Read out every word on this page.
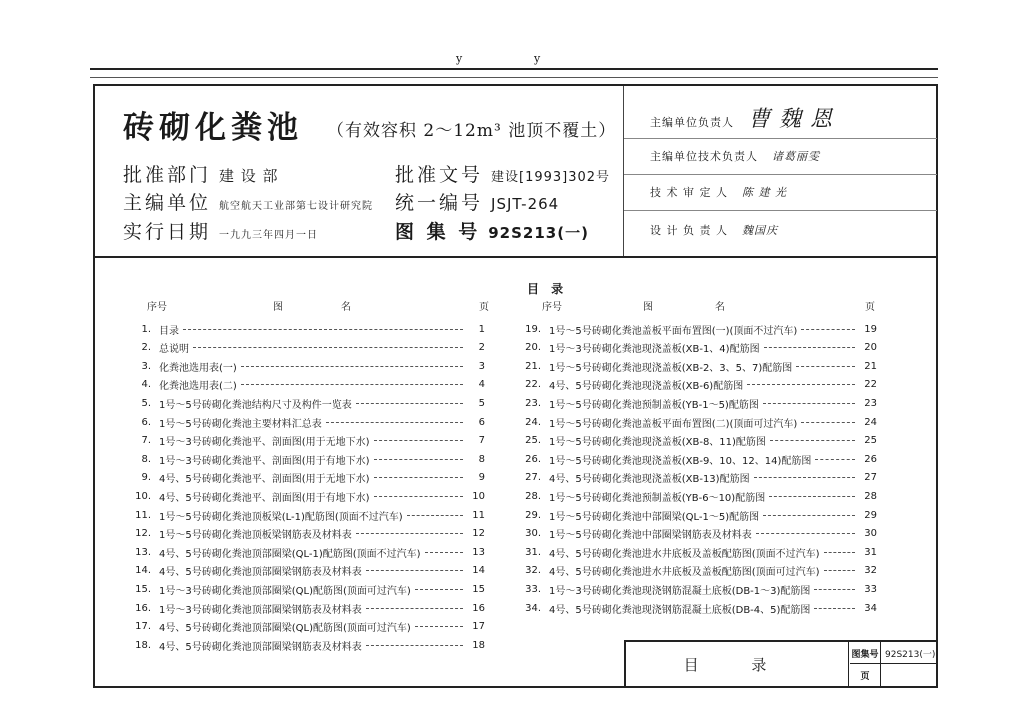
y	y
砖砌化粪池 （有效容积 2～12m³ 池顶不覆土）
批准部门 建 设 部	批准文号 建设[1993]302号
主编单位 航空航天工业部第七设计研究院 统一编号 JSJT-264
实行日期 一九九三年四月一日	图 集 号 92S213(一)
主编单位负责人 曹 魏 恩
主编单位技术负责人 诸葛丽雯
技 术 审 定 人 陈 建 光
设 计 负 责 人 魏国庆
目 录
序号	图	名	页	序号	图	名	页
1. 目录	1
2. 总说明	2
3. 化粪池选用表(一)	3
4. 化粪池选用表(二)	4
5. 1号～5号砖砌化粪池结构尺寸及构件一览表	5
6. 1号～5号砖砌化粪池主要材料汇总表	6
7. 1号～3号砖砌化粪池平、剖面图(用于无地下水)	7
8. 1号～3号砖砌化粪池平、剖面图(用于有地下水)	8
9. 4号、5号砖砌化粪池平、剖面图(用于无地下水)	9
10. 4号、5号砖砌化粪池平、剖面图(用于有地下水)	10
11. 1号～5号砖砌化粪池顶板梁(L-1)配筋图(顶面不过汽车)	11
12. 1号～5号砖砌化粪池顶板梁钢筋表及材料表	12
13. 4号、5号砖砌化粪池顶部圈梁(QL-1)配筋图(顶面不过汽车)	13
14. 4号、5号砖砌化粪池顶部圈梁钢筋表及材料表	14
15. 1号～3号砖砌化粪池顶部圈梁(QL)配筋图(顶面可过汽车)	15
16. 1号～3号砖砌化粪池顶部圈梁钢筋表及材料表	16
17. 4号、5号砖砌化粪池顶部圈梁(QL)配筋图(顶面可过汽车)	17
18. 4号、5号砖砌化粪池顶部圈梁钢筋表及材料表	18
19. 1号～5号砖砌化粪池盖板平面布置图(一)(顶面不过汽车)	19
20. 1号～3号砖砌化粪池现浇盖板(XB-1、4)配筋图	20
21. 1号～5号砖砌化粪池现浇盖板(XB-2、3、5、7)配筋图	21
22. 4号、5号砖砌化粪池现浇盖板(XB-6)配筋图	22
23. 1号～5号砖砌化粪池预制盖板(YB-1～5)配筋图	23
24. 1号～5号砖砌化粪池盖板平面布置图(二)(顶面可过汽车)	24
25. 1号～5号砖砌化粪池现浇盖板(XB-8、11)配筋图	25
26. 1号～5号砖砌化粪池现浇盖板(XB-9、10、12、14)配筋图	26
27. 4号、5号砖砌化粪池现浇盖板(XB-13)配筋图	27
28. 1号～5号砖砌化粪池预制盖板(YB-6～10)配筋图	28
29. 1号～5号砖砌化粪池中部圈梁(QL-1～5)配筋图	29
30. 1号～5号砖砌化粪池中部圈梁钢筋表及材料表	30
31. 4号、5号砖砌化粪池进水井底板及盖板配筋图(顶面不过汽车)	31
32. 4号、5号砖砌化粪池进水井底板及盖板配筋图(顶面可过汽车)	32
33. 1号～3号砖砌化粪池现浇钢筋混凝土底板(DB-1～3)配筋图	33
34. 4号、5号砖砌化粪池现浇钢筋混凝土底板(DB-4、5)配筋图	34
目 录
图集号 92S213(一)
页
